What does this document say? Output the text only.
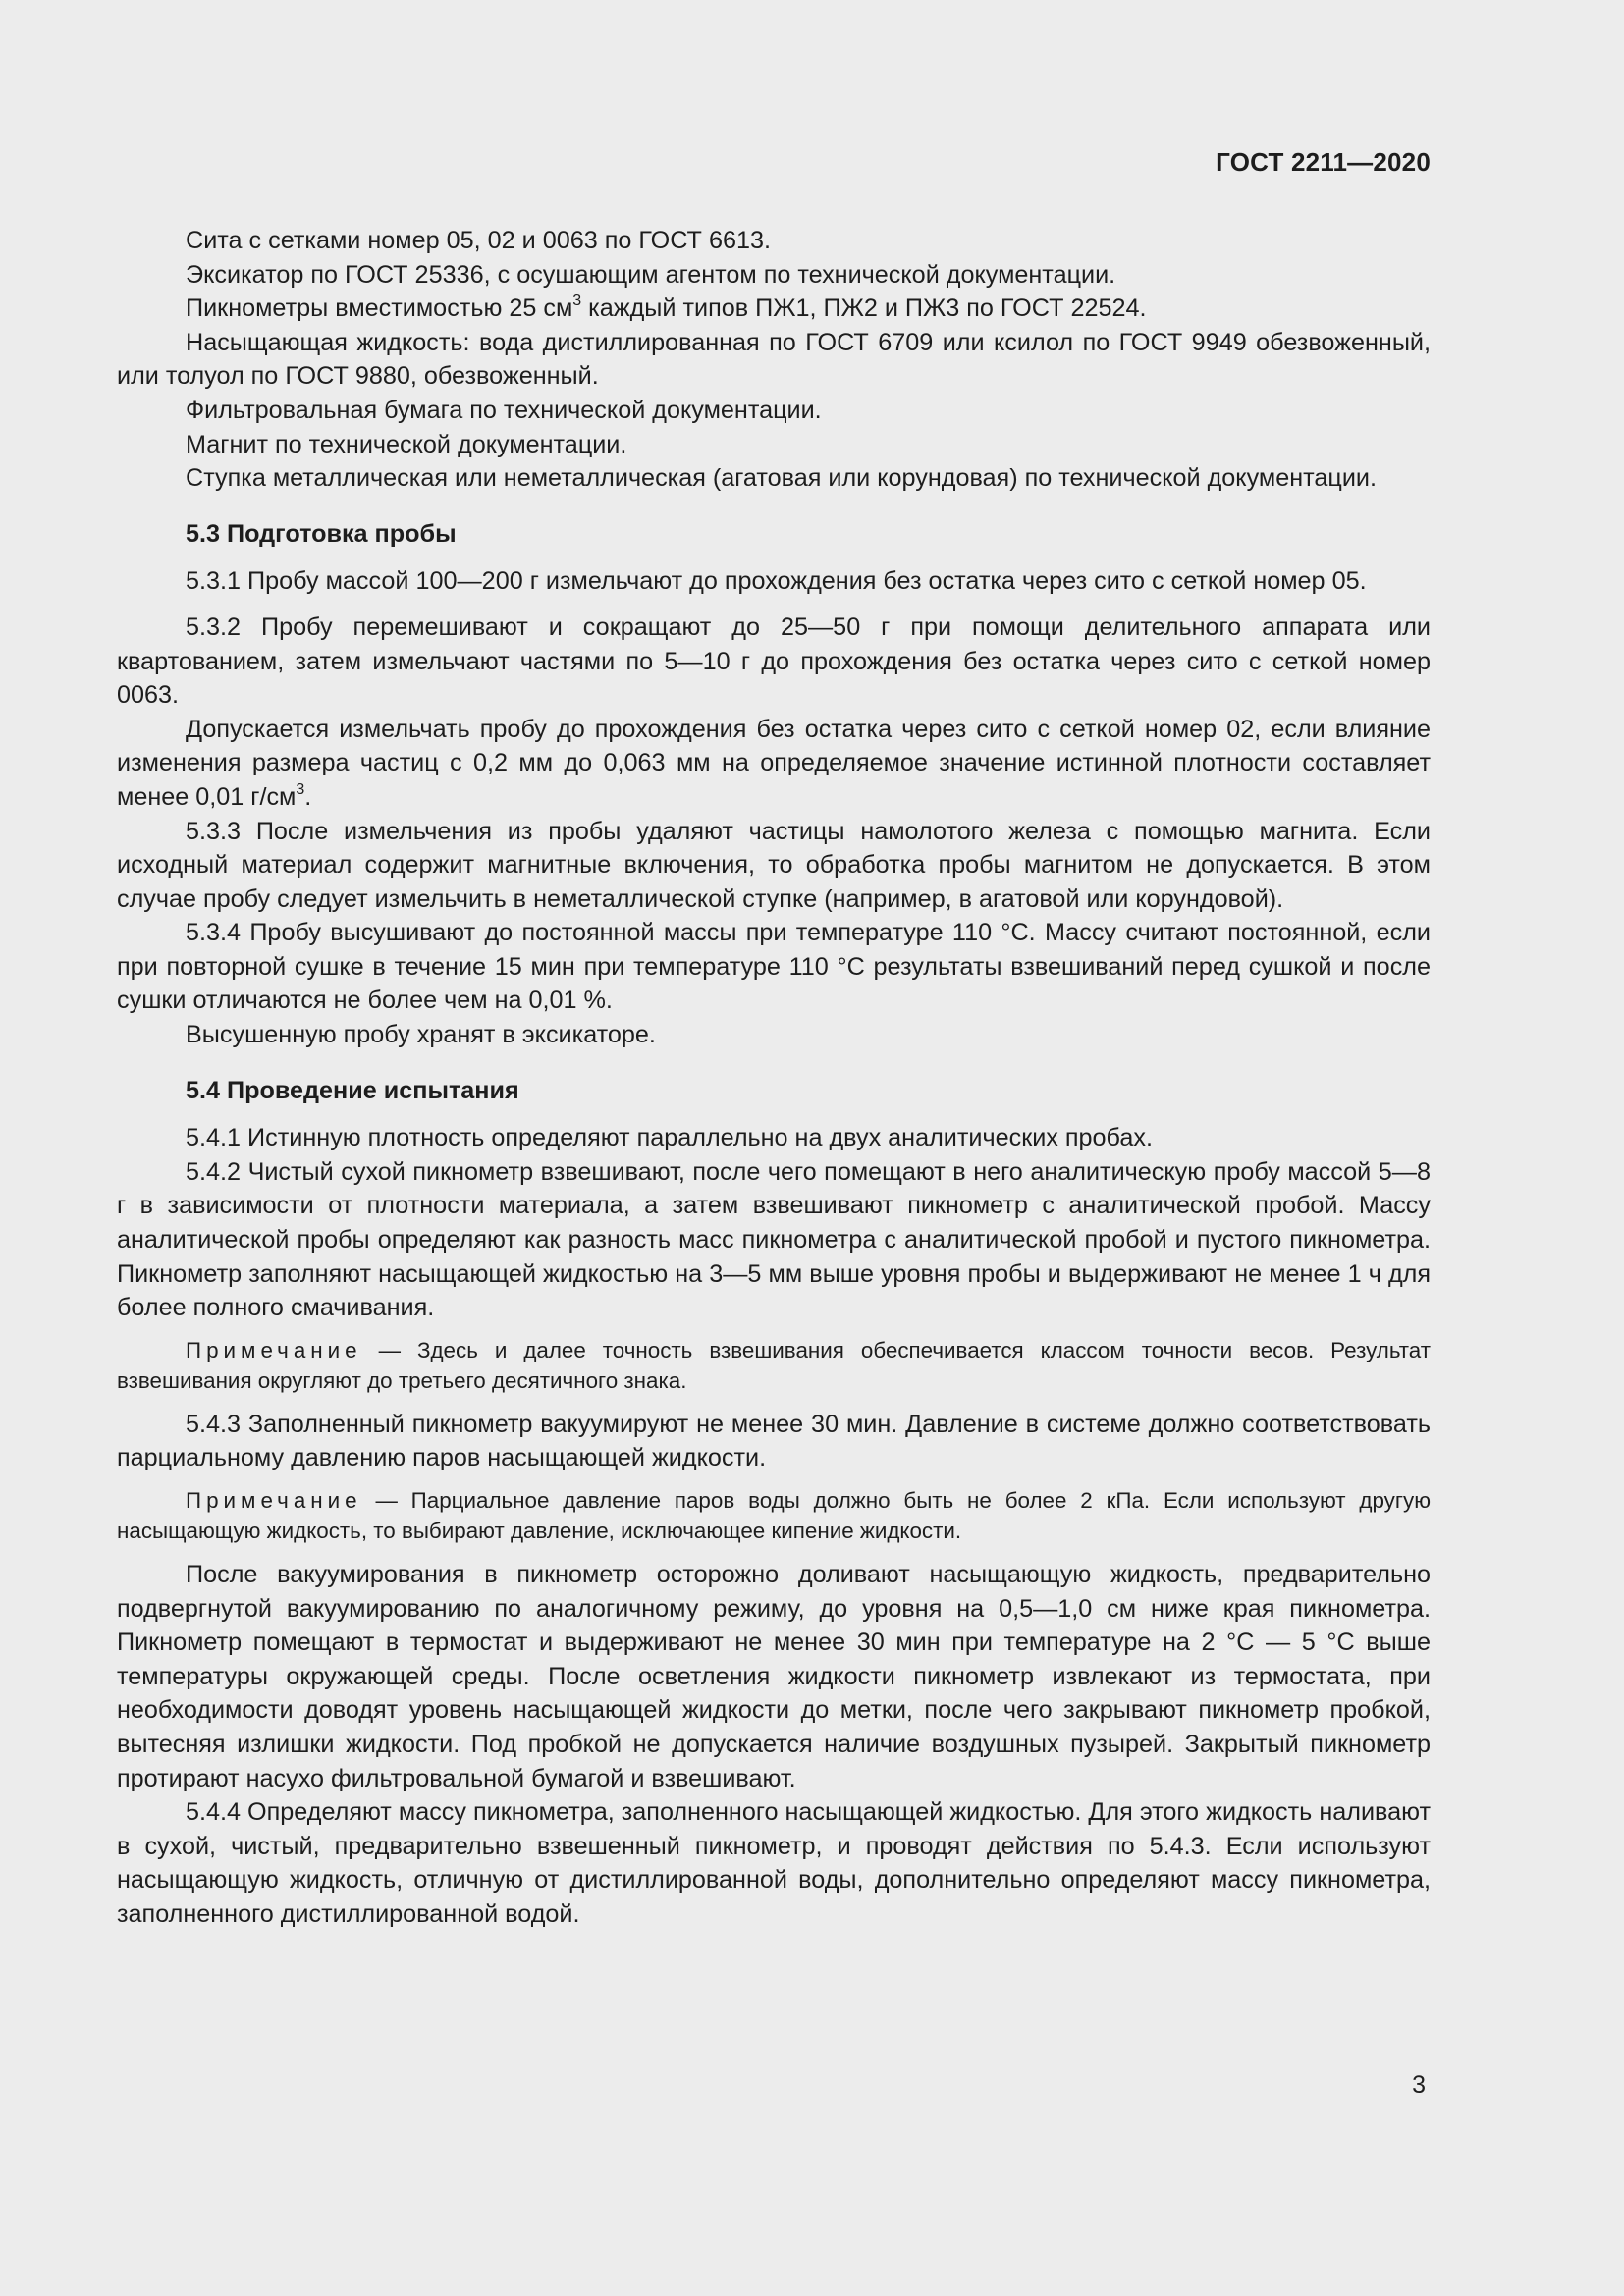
ГОСТ 2211—2020

Сита с сетками номер 05, 02 и 0063 по ГОСТ 6613.

Эксикатор по ГОСТ 25336, с осушающим агентом по технической документации.

Пикнометры вместимостью 25 $см^3$ каждый типов ПЖ1, ПЖ2 и ПЖ3 по ГОСТ 22524.

Насыщающая жидкость: вода дистиллированная по ГОСТ 6709 или ксилол по ГОСТ 9949 обезвоженный, или толуол по ГОСТ 9880, обезвоженный.

Фильтровальная бумага по технической документации.

Магнит по технической документации.

Ступка металлическая или неметаллическая (агатовая или корундовая) по технической документации.

5.3 Подготовка пробы

5.3.1 Пробу массой 100—200 г измельчают до прохождения без остатка через сито с сеткой номер 05.

5.3.2 Пробу перемешивают и сокращают до 25—50 г при помощи делительного аппарата или квартованием, затем измельчают частями по 5—10 г до прохождения без остатка через сито с сеткой номер 0063.

Допускается измельчать пробу до прохождения без остатка через сито с сеткой номер 02, если влияние изменения размера частиц с 0,2 мм до 0,063 мм на определяемое значение истинной плотности составляет менее 0,01 $г/см^3$.

5.3.3 После измельчения из пробы удаляют частицы намолотого железа с помощью магнита. Если исходный материал содержит магнитные включения, то обработка пробы магнитом не допускается. В этом случае пробу следует измельчить в неметаллической ступке (например, в агатовой или корундовой).

5.3.4 Пробу высушивают до постоянной массы при температуре 110 °С. Массу считают постоянной, если при повторной сушке в течение 15 мин при температуре 110 °С результаты взвешиваний перед сушкой и после сушки отличаются не более чем на 0,01 %.

Высушенную пробу хранят в эксикаторе.

5.4 Проведение испытания

5.4.1 Истинную плотность определяют параллельно на двух аналитических пробах.

5.4.2 Чистый сухой пикнометр взвешивают, после чего помещают в него аналитическую пробу массой 5—8 г в зависимости от плотности материала, а затем взвешивают пикнометр с аналитической пробой. Массу аналитической пробы определяют как разность масс пикнометра с аналитической пробой и пустого пикнометра. Пикнометр заполняют насыщающей жидкостью на 3—5 мм выше уровня пробы и выдерживают не менее 1 ч для более полного смачивания.

Примечание — Здесь и далее точность взвешивания обеспечивается классом точности весов. Результат взвешивания округляют до третьего десятичного знака.

5.4.3 Заполненный пикнометр вакуумируют не менее 30 мин. Давление в системе должно соответствовать парциальному давлению паров насыщающей жидкости.

Примечание — Парциальное давление паров воды должно быть не более 2 кПа. Если используют другую насыщающую жидкость, то выбирают давление, исключающее кипение жидкости.

После вакуумирования в пикнометр осторожно доливают насыщающую жидкость, предварительно подвергнутой вакуумированию по аналогичному режиму, до уровня на 0,5—1,0 см ниже края пикнометра. Пикнометр помещают в термостат и выдерживают не менее 30 мин при температуре на 2 °С — 5 °С выше температуры окружающей среды. После осветления жидкости пикнометр извлекают из термостата, при необходимости доводят уровень насыщающей жидкости до метки, после чего закрывают пикнометр пробкой, вытесняя излишки жидкости. Под пробкой не допускается наличие воздушных пузырей. Закрытый пикнометр протирают насухо фильтровальной бумагой и взвешивают.

5.4.4 Определяют массу пикнометра, заполненного насыщающей жидкостью. Для этого жидкость наливают в сухой, чистый, предварительно взвешенный пикнометр, и проводят действия по 5.4.3. Если используют насыщающую жидкость, отличную от дистиллированной воды, дополнительно определяют массу пикнометра, заполненного дистиллированной водой.

3
